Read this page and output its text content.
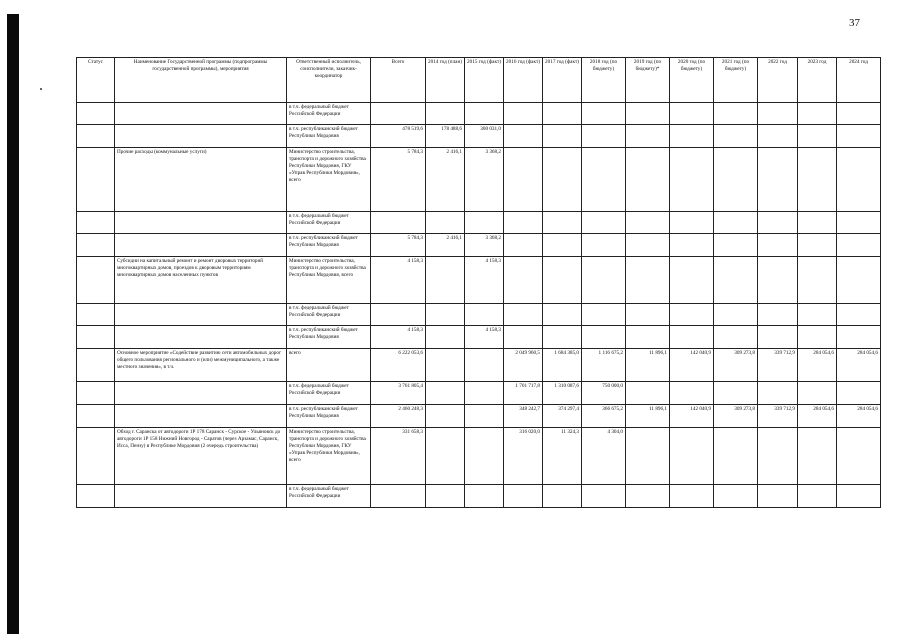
37
Статус	Наименование Государственной программы (подпрограммы государственной программы), мероприятия	Ответственный исполнитель, соисполнители, заказчик-координатор	Всего	2014 год (план)	2015 год (факт)	2016 год (факт)	2017 год (факт)	2018 год (по бюджету)	2019 год (по бюджету)*	2020 год (по бюджету)	2021 год (по бюджету)	2022 год	2023 год	2024 год
		в т.ч. федеральный бюджет Российской Федерации												
		в т.ч. республиканский бюджет Республики Мордовия	478 519,6	178 488,6	300 031,0									
	Прочие расходы (коммунальные услуги)	Министерство строительства, транспорта и дорожного хозяйства Республики Мордовия, ГКУ «Управ Республики Мордовия», всего	5 784,3	2 416,1	3 368,2									
		в т.ч. федеральный бюджет Российской Федерации												
		в т.ч. республиканский бюджет Республики Мордовия	5 784,3	2 416,1	3 368,2									
	Субсидии на капитальный ремонт и ремонт дворовых территорий многоквартирных домов, проездов к дворовым территориям многоквартирных домов населенных пунктов	Министерство строительства, транспорта и дорожного хозяйства Республики Мордовия, всего	4 158,3		4 158,3									
		в т.ч. федеральный бюджет Российской Федерации												
		в т.ч. республиканский бюджет Республики Мордовия	4 158,3		4 158,3									
	Основное мероприятие «Содействие развитию сети автомобильных дорог общего пользования регионального и (или) межмуниципального, а также местного значения», в т.ч.	всего	6 222 053,6			2 049 960,5	1 684 385,0	1 116 675,2	11 896,1	142 040,9	309 273,8	339 712,9	284 054,6	284 054,6
		в т.ч. федеральный бюджет Российской Федерации	3 761 805,4			1 701 717,8	1 310 087,6	750 000,0						
		в т.ч. республиканский бюджет Республики Мордовия	2 460 248,3			348 242,7	374 297,4	366 675,2	11 896,1	142 040,9	309 273,8	339 712,9	284 054,6	284 054,6
	Обход г. Саранска от автодороги 1Р 178 Саранск - Сурское - Ульяновск до автодороги 1Р 158 Нижний Новгород - Саратов (через Арзамас, Саранск, Исса, Пензу) в Республике Мордовия (2 очередь строительства)	Министерство строительства, транспорта и дорожного хозяйства Республики Мордовия, ГКУ «Управ Республики Мордовия», всего	331 658,3			316 020,0	11 324,3	4 304,0						
		в т.ч. федеральный бюджет Российской Федерации												
